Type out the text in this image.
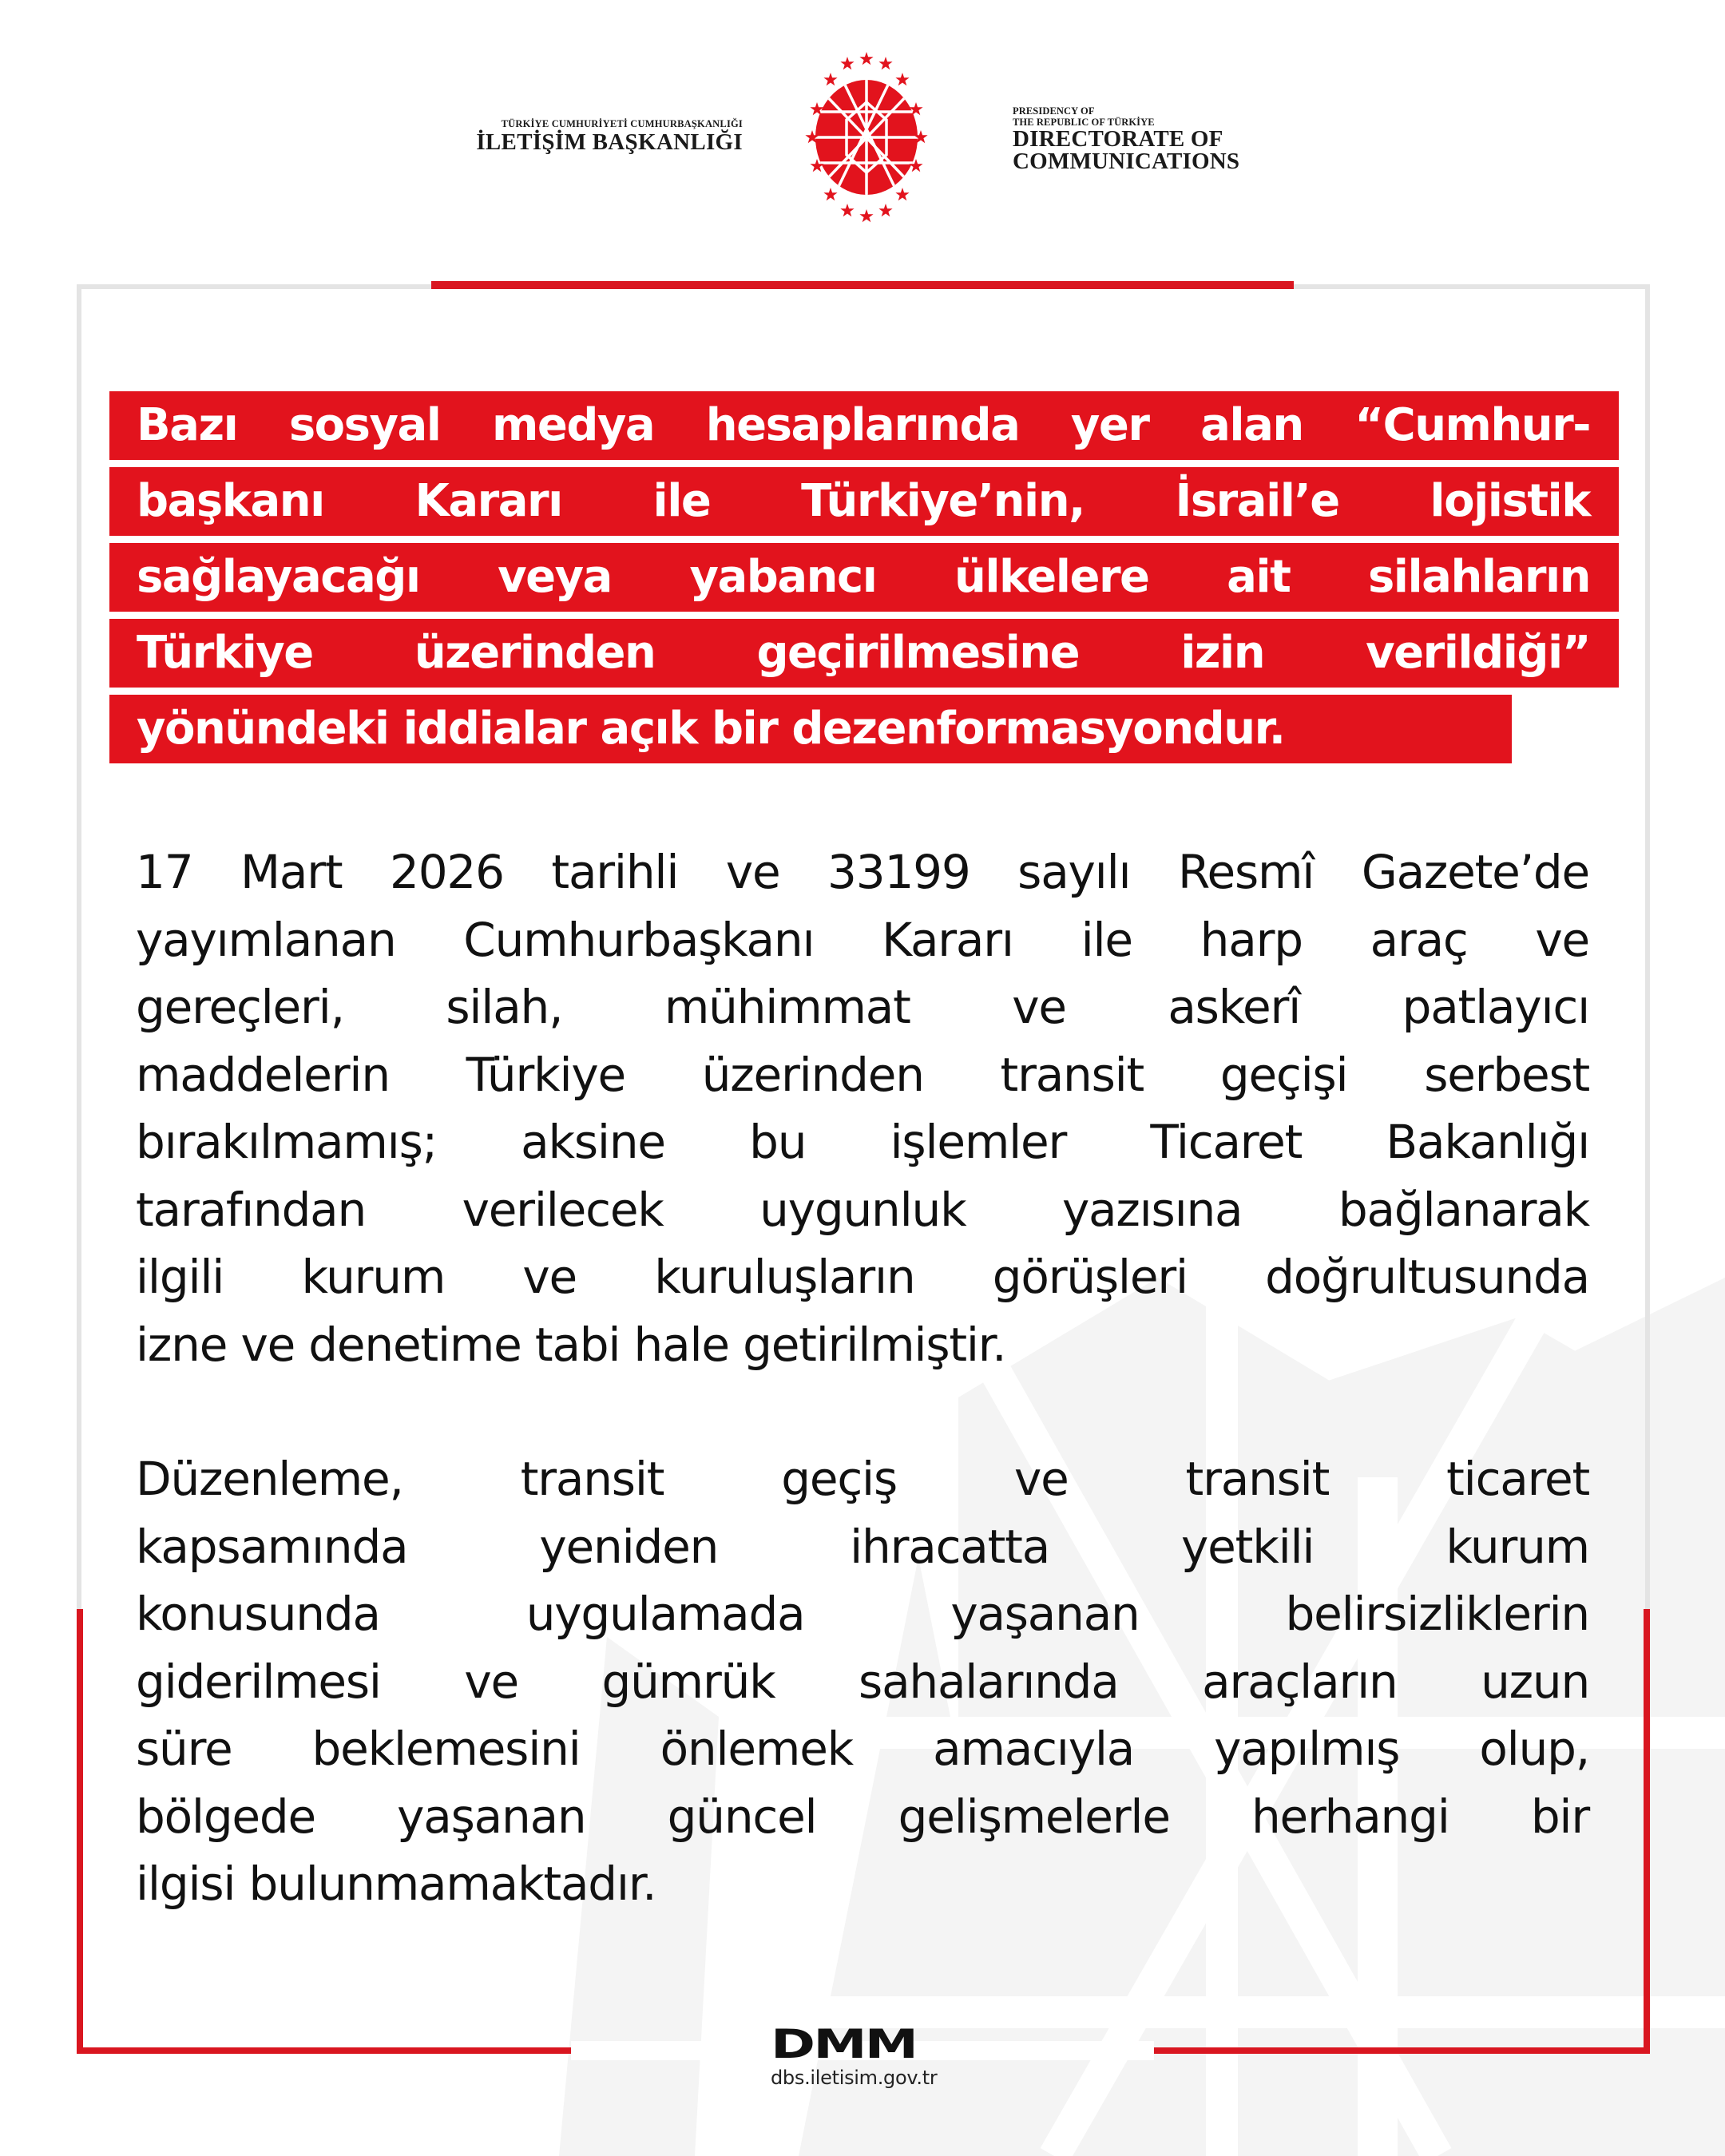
TÜRKİYE CUMHURİYETİ CUMHURBAŞKANLIĞI
İLETİŞİM BAŞKANLIĞI
PRESIDENCY OF
THE REPUBLIC OF TÜRKİYE
DIRECTORATE OF
COMMUNICATIONS
Bazı sosyal medya hesaplarında yer alan “Cumhur-
başkanı Kararı ile Türkiye’nin, İsrail’e lojistik
sağlayacağı veya yabancı ülkelere ait silahların
Türkiye üzerinden geçirilmesine izin verildiği”
yönündeki iddialar açık bir dezenformasyondur.
17 Mart 2026 tarihli ve 33199 sayılı Resmî Gazete’de
yayımlanan Cumhurbaşkanı Kararı ile harp araç ve
gereçleri, silah, mühimmat ve askerî patlayıcı
maddelerin Türkiye üzerinden transit geçişi serbest
bırakılmamış; aksine bu işlemler Ticaret Bakanlığı
tarafından verilecek uygunluk yazısına bağlanarak
ilgili kurum ve kuruluşların görüşleri doğrultusunda
izne ve denetime tabi hale getirilmiştir.
Düzenleme, transit geçiş ve transit ticaret
kapsamında yeniden ihracatta yetkili kurum
konusunda uygulamada yaşanan belirsizliklerin
giderilmesi ve gümrük sahalarında araçların uzun
süre beklemesini önlemek amacıyla yapılmış olup,
bölgede yaşanan güncel gelişmelerle herhangi bir
ilgisi bulunmamaktadır.
DMM
dbs.iletisim.gov.tr
